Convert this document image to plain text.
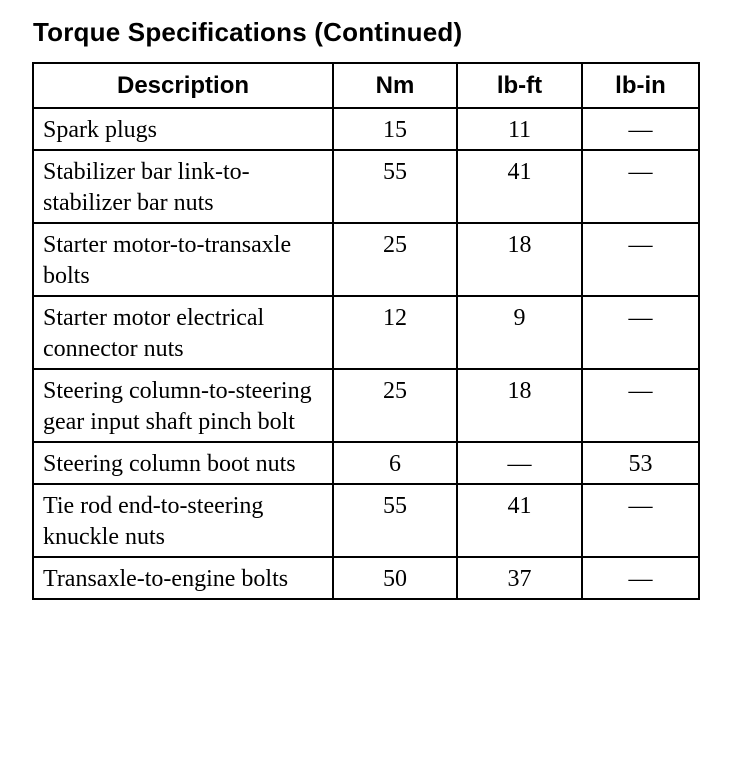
Torque Specifications (Continued)
Description	Nm	lb-ft	lb-in
Spark plugs	15	11	—
Stabilizer bar link-to-stabilizer bar nuts	55	41	—
Starter motor-to-transaxle bolts	25	18	—
Starter motor electrical connector nuts	12	9	—
Steering column-to-steering gear input shaft pinch bolt	25	18	—
Steering column boot nuts	6	—	53
Tie rod end-to-steering knuckle nuts	55	41	—
Transaxle-to-engine bolts	50	37	—
